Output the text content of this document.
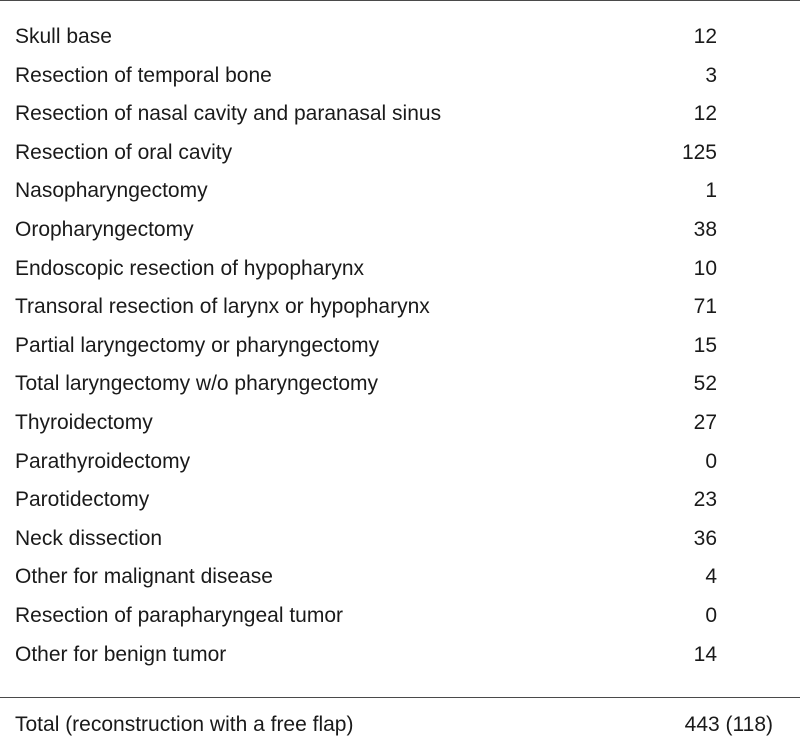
Skull base	12
Resection of temporal bone	3
Resection of nasal cavity and paranasal sinus	12
Resection of oral cavity	125
Nasopharyngectomy	1
Oropharyngectomy	38
Endoscopic resection of hypopharynx	10
Transoral resection of larynx or hypopharynx	71
Partial laryngectomy or pharyngectomy	15
Total laryngectomy w/o pharyngectomy	52
Thyroidectomy	27
Parathyroidectomy	0
Parotidectomy	23
Neck dissection	36
Other for malignant disease	4
Resection of parapharyngeal tumor	0
Other for benign tumor	14
Total (reconstruction with a free flap)	443 (118)
